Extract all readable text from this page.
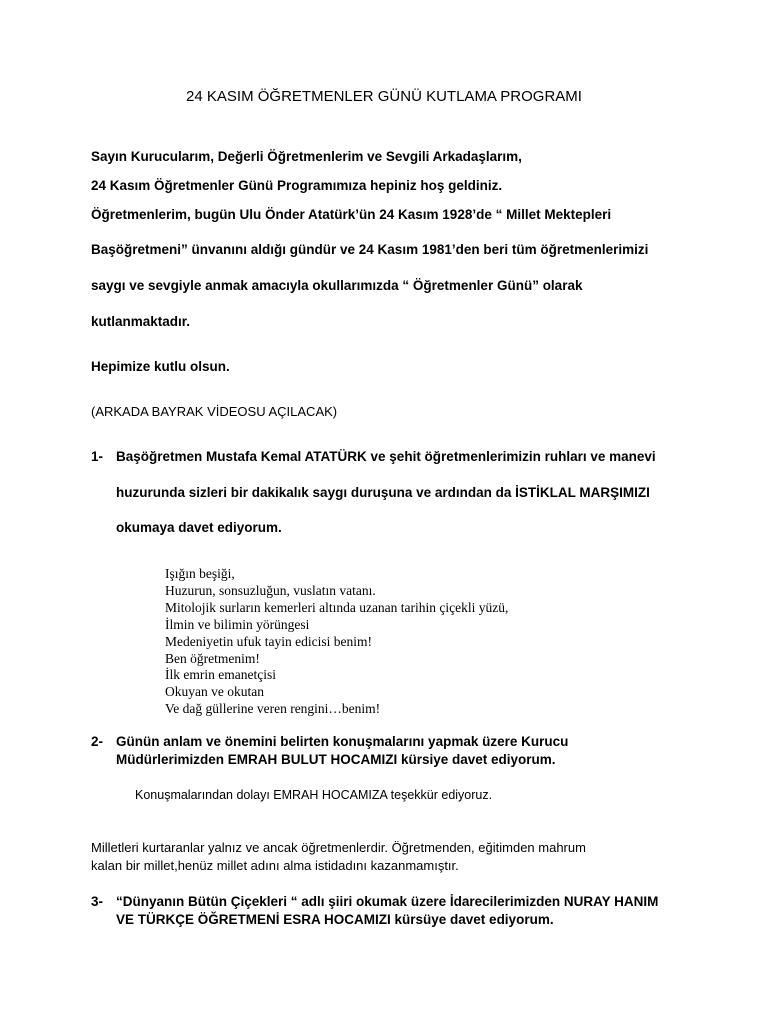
24 KASIM ÖĞRETMENLER GÜNÜ KUTLAMA PROGRAMI
Sayın Kurucularım, Değerli Öğretmenlerim ve Sevgili Arkadaşlarım,
24 Kasım Öğretmenler Günü Programımıza hepiniz hoş geldiniz.
Öğretmenlerim, bugün Ulu Önder Atatürk’ün 24 Kasım 1928’de “ Millet Mektepleri
Başöğretmeni” ünvanını aldığı gündür ve 24 Kasım 1981’den beri tüm öğretmenlerimizi
saygı ve sevgiyle anmak amacıyla okullarımızda “ Öğretmenler Günü” olarak
kutlanmaktadır.
Hepimize kutlu olsun.
(ARKADA BAYRAK VİDEOSU AÇILACAK)
1- Başöğretmen Mustafa Kemal ATATÜRK ve şehit öğretmenlerimizin ruhları ve manevi
huzurunda sizleri bir dakikalık saygı duruşuna ve ardından da İSTİKLAL MARŞIMIZI
okumaya davet ediyorum.
Işığın beşiği,
Huzurun, sonsuzluğun, vuslatın vatanı.
Mitolojik surların kemerleri altında uzanan tarihin çiçekli yüzü,
İlmin ve bilimin yörüngesi
Medeniyetin ufuk tayin edicisi benim!
Ben öğretmenim!
İlk emrin emanetçisi
Okuyan ve okutan
Ve dağ güllerine veren rengini…benim!
2- Günün anlam ve önemini belirten konuşmalarını yapmak üzere Kurucu
Müdürlerimizden EMRAH BULUT HOCAMIZI kürsiye davet ediyorum.
Konuşmalarından dolayı EMRAH HOCAMIZA teşekkür ediyoruz.
Milletleri kurtaranlar yalnız ve ancak öğretmenlerdir. Öğretmenden, eğitimden mahrum
kalan bir millet,henüz millet adını alma istidadını kazanmamıştır.
3- “Dünyanın Bütün Çiçekleri “ adlı şiiri okumak üzere İdarecilerimizden NURAY HANIM
VE TÜRKÇE ÖĞRETMENİ ESRA HOCAMIZI kürsüye davet ediyorum.
